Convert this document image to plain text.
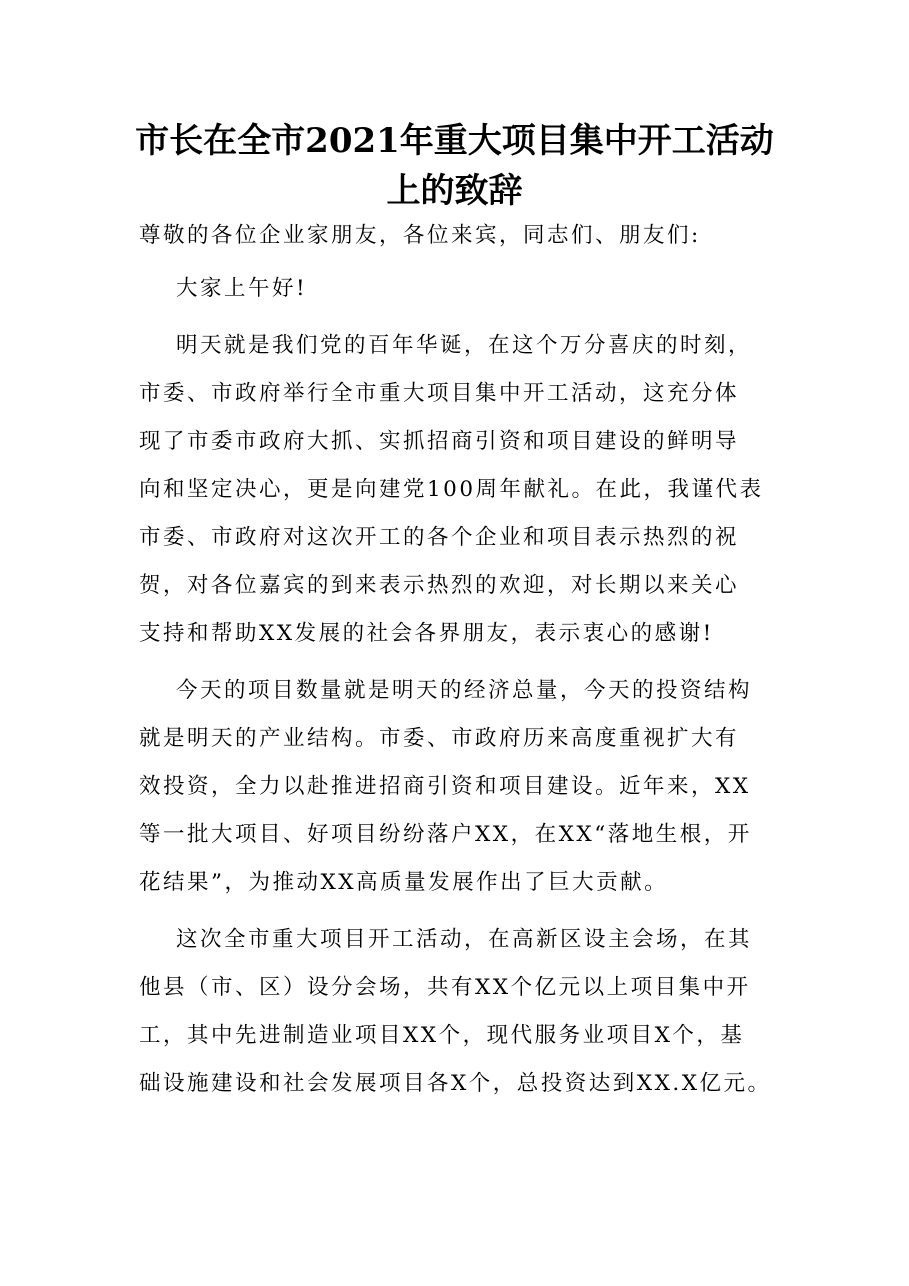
市长在全市2021年重大项目集中开工活动
上的致辞

尊敬的各位企业家朋友，各位来宾，同志们、朋友们:

大家上午好!

明天就是我们党的百年华诞，在这个万分喜庆的时刻，
市委、市政府举行全市重大项目集中开工活动，这充分体
现了市委市政府大抓、实抓招商引资和项目建设的鲜明导
向和坚定决心，更是向建党100周年献礼。在此，我谨代表
市委、市政府对这次开工的各个企业和项目表示热烈的祝
贺，对各位嘉宾的到来表示热烈的欢迎，对长期以来关心
支持和帮助XX发展的社会各界朋友，表示衷心的感谢!
今天的项目数量就是明天的经济总量，今天的投资结构
就是明天的产业结构。市委、市政府历来高度重视扩大有
效投资，全力以赴推进招商引资和项目建设。近年来，XX
等一批大项目、好项目纷纷落户XX，在XX“落地生根，开
花结果”，为推动XX高质量发展作出了巨大贡献。
这次全市重大项目开工活动，在高新区设主会场，在其
他县（市、区）设分会场，共有XX个亿元以上项目集中开
工，其中先进制造业项目XX个，现代服务业项目X个，基
础设施建设和社会发展项目各X个，总投资达到XX.X亿元。
